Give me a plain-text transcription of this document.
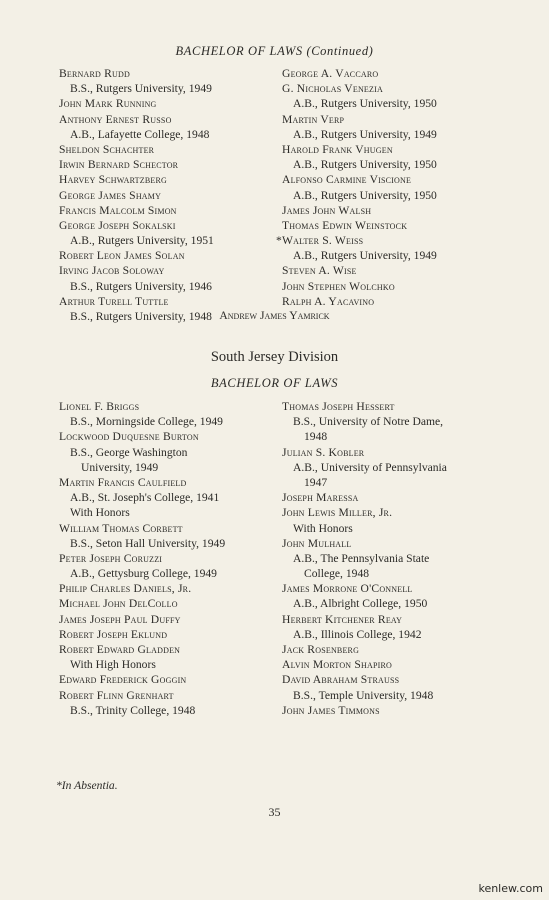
BACHELOR OF LAWS (Continued)
Bernard Rudd
B.S., Rutgers University, 1949
John Mark Running
Anthony Ernest Russo
A.B., Lafayette College, 1948
Sheldon Schachter
Irwin Bernard Schector
Harvey Schwartzberg
George James Shamy
Francis Malcolm Simon
George Joseph Sokalski
A.B., Rutgers University, 1951
Robert Leon James Solan
Irving Jacob Soloway
B.S., Rutgers University, 1946
Arthur Turell Tuttle
B.S., Rutgers University, 1948
George A. Vaccaro
G. Nicholas Venezia
A.B., Rutgers University, 1950
Martin Verp
A.B., Rutgers University, 1949
Harold Frank Vhugen
A.B., Rutgers University, 1950
Alfonso Carmine Viscione
A.B., Rutgers University, 1950
James John Walsh
Thomas Edwin Weinstock
*Walter S. Weiss
A.B., Rutgers University, 1949
Steven A. Wise
John Stephen Wolchko
Ralph A. Yacavino
Andrew James Yamrick
South Jersey Division
BACHELOR OF LAWS
Lionel F. Briggs
B.S., Morningside College, 1949
Lockwood Duquesne Burton
B.S., George Washington
University, 1949
Martin Francis Caulfield
A.B., St. Joseph's College, 1941
With Honors
William Thomas Corbett
B.S., Seton Hall University, 1949
Peter Joseph Coruzzi
A.B., Gettysburg College, 1949
Philip Charles Daniels, Jr.
Michael John DelCollo
James Joseph Paul Duffy
Robert Joseph Eklund
Robert Edward Gladden
With High Honors
Edward Frederick Goggin
Robert Flinn Grenhart
B.S., Trinity College, 1948
Thomas Joseph Hessert
B.S., University of Notre Dame,
1948
Julian S. Kobler
A.B., University of Pennsylvania
1947
Joseph Maressa
John Lewis Miller, Jr.
With Honors
John Mulhall
A.B., The Pennsylvania State
College, 1948
James Morrone O'Connell
A.B., Albright College, 1950
Herbert Kitchener Reay
A.B., Illinois College, 1942
Jack Rosenberg
Alvin Morton Shapiro
David Abraham Strauss
B.S., Temple University, 1948
John James Timmons
*In Absentia.
35
kenlew.com
